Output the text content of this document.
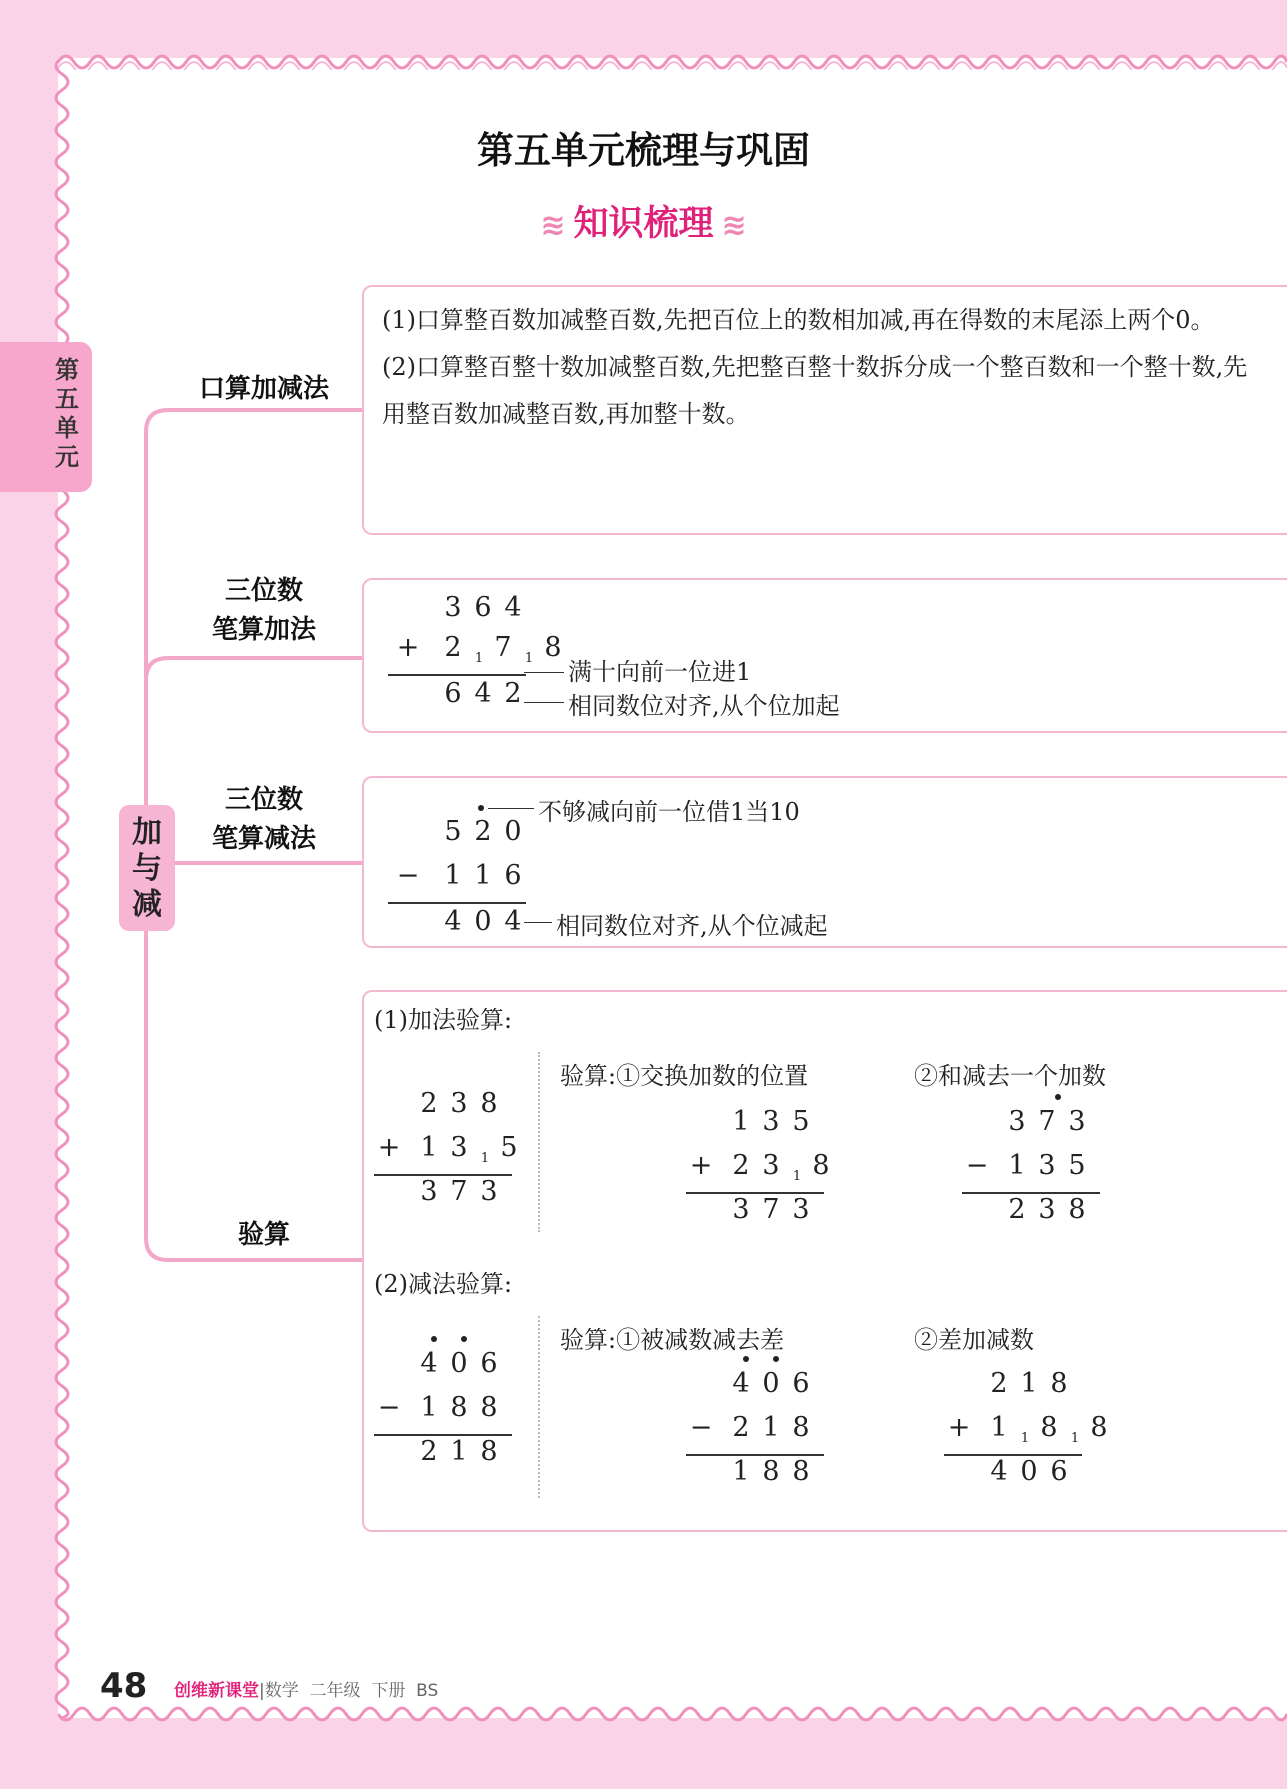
第五单元
第五单元梳理与巩固
≋ 知识梳理 ≋
加与减
口算加减法
三位数
笔算加法
三位数
笔算减法
验算
(1)口算整百数加减整百数,先把百位上的数相加减,再在得数的末尾添上两个0。
(2)口算整百整十数加减整百数,先把整百整十数拆分成一个整百数和一个整十数,先用整百数加减整百数,再加整十数。
3 6 4
+ 2 1 7 1 8
6 4 2
满十向前一位进1
相同数位对齐,从个位加起
不够减向前一位借1当10
5 2 0
− 1 1 6
4 0 4 相同数位对齐,从个位减起
(1)加法验算:
验算:①交换加数的位置	②和减去一个加数
2 3 8
+ 1 3 1 5
3 7 3
1 3 5
+ 2 3 1 8
3 7 3
3 7 3
− 1 3 5
2 3 8
(2)减法验算:
验算:①被减数减去差	②差加减数
4 0 6
− 1 8 8
2 1 8
4 0 6
− 2 1 8
1 8 8
2 1 8
+ 1 1 8 1 8
4 0 6
48 创维新课堂|数学  二年级  下册  BS
